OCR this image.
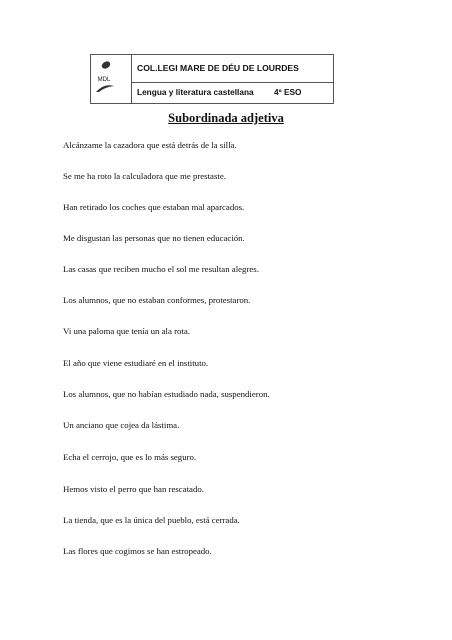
MDL
COL.LEGI MARE DE DÉU DE LOURDES
Lengua y literatura castellana 4º ESO
Subordinada adjetiva
Alcánzame la cazadora que está detrás de la silla.
Se me ha roto la calculadora que me prestaste.
Han retirado los coches que estaban mal aparcados.
Me disgustan las personas que no tienen educación.
Las casas que reciben mucho el sol me resultan alegres.
Los alumnos, que no estaban conformes, protestaron.
Vi una paloma que tenía un ala rota.
El año que viene estudiaré en el instituto.
Los alumnos, que no habían estudiado nada, suspendieron.
Un anciano que cojea da lástima.
Echa el cerrojo, que es lo más seguro.
Hemos visto el perro que han rescatado.
La tienda, que es la única del pueblo, está cerrada.
Las flores que cogimos se han estropeado.
